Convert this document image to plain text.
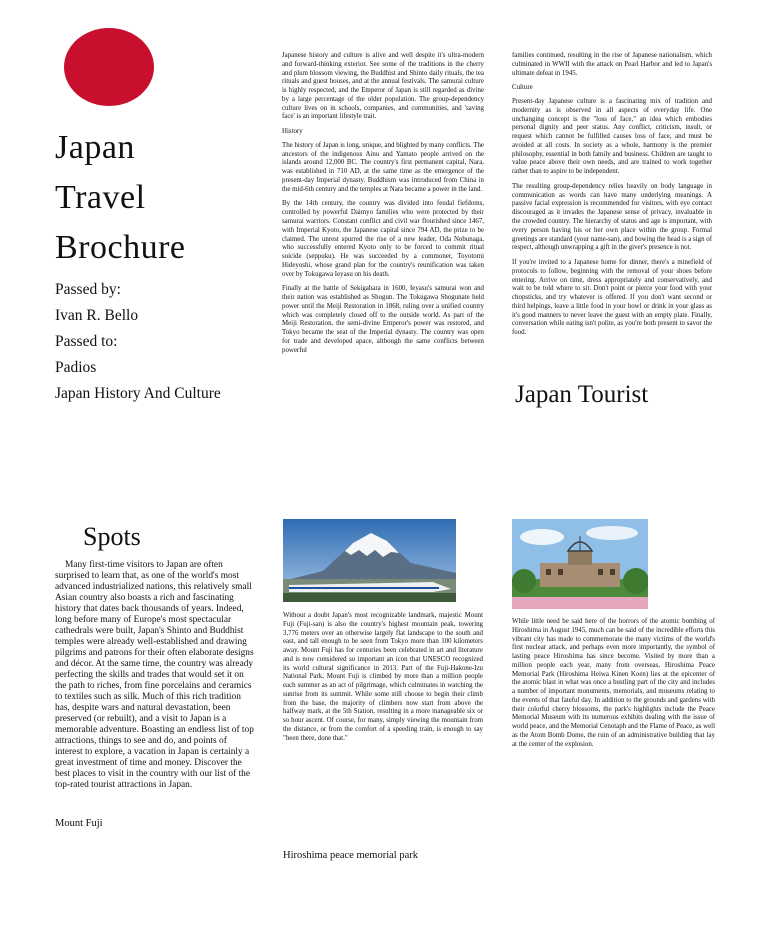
Japan
Travel
Brochure
Passed by:
Ivan R. Bello
Passed to:
Padios
Japan History And Culture

Japanese history and culture is alive and well despite it's ultra-modern and forward-thinking exterior. See some of the traditions in the cherry and plum blossom viewing, the Buddhist and Shinto daily rituals, the tea rituals and guest houses, and at the annual festivals. The samurai culture is highly respected, and the Emperor of Japan is still regarded as divine by a large percentage of the older population. The group-dependency culture lives on in schools, companies, and communities, and 'saving face' is an important lifestyle trait.

History

The history of Japan is long, unique, and blighted by many conflicts. The ancestors of the indigenous Ainu and Yamato people arrived on the islands around 12,000 BC. The country's first permanent capital, Nara, was established in 710 AD, at the same time as the emergence of the present-day Imperial dynasty. Buddhism was introduced from China in the mid-6th century and the temples at Nara became a power in the land.

By the 14th century, the country was divided into feudal fiefdoms, controlled by powerful Daimyo families who were protected by their samurai warriors. Constant conflict and civil war flourished since 1467, with Imperial Kyoto, the Japanese capital since 794 AD, the prize to be claimed. The unrest spurred the rise of a new leader, Oda Nobunaga, who successfully entered Kyoto only to be forced to commit ritual suicide (seppuku). He was succeeded by a commoner, Toyotomi Hideyoshi, whose grand plan for the country's reunification was taken over by Tokugawa Ieyasu on his death.

Finally at the battle of Sekigahara in 1600, Ieyasu's samurai won and their nation was established as Shogun. The Tokugawa Shogunate held power until the Meiji Restoration in 1868, ruling over a unified country which was completely closed off to the outside world. As part of the Meiji Restoration, the semi-divine Emperor's power was restored, and Tokyo became the seat of the Imperial dynasty. The country was open for trade and developed apace, although the same conflicts between powerful

families continued, resulting in the rise of Japanese nationalism, which culminated in WWII with the attack on Pearl Harbor and led to Japan's ultimate defeat in 1945.

Culture

Present-day Japanese culture is a fascinating mix of tradition and modernity as is observed in all aspects of everyday life. One unchanging concept is the "loss of face," an idea which embodies personal dignity and peer status. Any conflict, criticism, insult, or request which cannot be fulfilled causes loss of face, and must be avoided at all costs. In society as a whole, harmony is the premier philosophy, essential in both family and business. Children are taught to value peace above their own needs, and are trained to work together rather than to aspire to be independent.

The resulting group-dependency relies heavily on body language in communication as words can have many underlying meanings. A passive facial expression is recommended for visitors, with eye contact discouraged as it invades the Japanese sense of privacy, invaluable in the crowded country. The hierarchy of status and age is important, with every person having his or her own place within the group. Formal greetings are standard (your name-san), and bowing the head is a sign of respect, although unwrapping a gift in the giver's presence is not.

If you're invited to a Japanese home for dinner, there's a minefield of protocols to follow, beginning with the removal of your shoes before entering. Arrive on time, dress appropriately and conservatively, and wait to be told where to sit. Don't point or pierce your food with your chopsticks, and try whatever is offered. If you don't want second or third helpings, leave a little food in your bowl or drink in your glass as it's good manners to never leave the guest with an empty plate. Finally, conversation while eating isn't polite, as you're both present to savor the food.

Japan Tourist
Spots

Many first-time visitors to Japan are often surprised to learn that, as one of the world's most advanced industrialized nations, this relatively small Asian country also boasts a rich and fascinating history that dates back thousands of years. Indeed, long before many of Europe's most spectacular cathedrals were built, Japan's Shinto and Buddhist temples were already well-established and drawing pilgrims and patrons for their often elaborate designs and décor. At the same time, the country was already perfecting the skills and trades that would set it on the path to riches, from fine porcelains and ceramics to textiles such as silk. Much of this rich tradition has, despite wars and natural devastation, been preserved (or rebuilt), and a visit to Japan is a memorable adventure. Boasting an endless list of top attractions, things to see and do, and points of interest to explore, a vacation in Japan is certainly a great investment of time and money. Discover the best places to visit in the country with our list of the top-rated tourist attractions in Japan.

Mount Fuji

Without a doubt Japan's most recognizable landmark, majestic Mount Fuji (Fuji-san) is also the country's highest mountain peak, towering 3,776 meters over an otherwise largely flat landscape to the south and east, and tall enough to be seen from Tokyo more than 100 kilometers away. Mount Fuji has for centuries been celebrated in art and literature and is now considered so important an icon that UNESCO recognized its world cultural significance in 2013. Part of the Fuji-Hakone-Izu National Park, Mount Fuji is climbed by more than a million people each summer as an act of pilgrimage, which culminates in watching the sunrise from its summit. While some still choose to begin their climb from the base, the majority of climbers now start from above the halfway mark, at the 5th Station, resulting in a more manageable six or so hour ascent. Of course, for many, simply viewing the mountain from the distance, or from the comfort of a speeding train, is enough to say "been there, done that."

While little need be said here of the horrors of the atomic bombing of Hiroshima in August 1945, much can be said of the incredible efforts this vibrant city has made to commemorate the many victims of the world's first nuclear attack, and perhaps even more importantly, the symbol of lasting peace Hiroshima has since become. Visited by more than a million people each year, many from overseas, Hiroshima Peace Memorial Park (Hiroshima Heiwa Kinen Koen) lies at the epicenter of the atomic blast in what was once a bustling part of the city and includes a number of important monuments, memorials, and museums relating to the events of that fateful day. In addition to the grounds and gardens with their colorful cherry blossoms, the park's highlights include the Peace Memorial Museum with its numerous exhibits dealing with the issue of world peace, and the Memorial Cenotaph and the Flame of Peace, as well as the Atom Bomb Dome, the ruin of an administrative building that lay at the center of the explosion.

Hiroshima peace memorial park
